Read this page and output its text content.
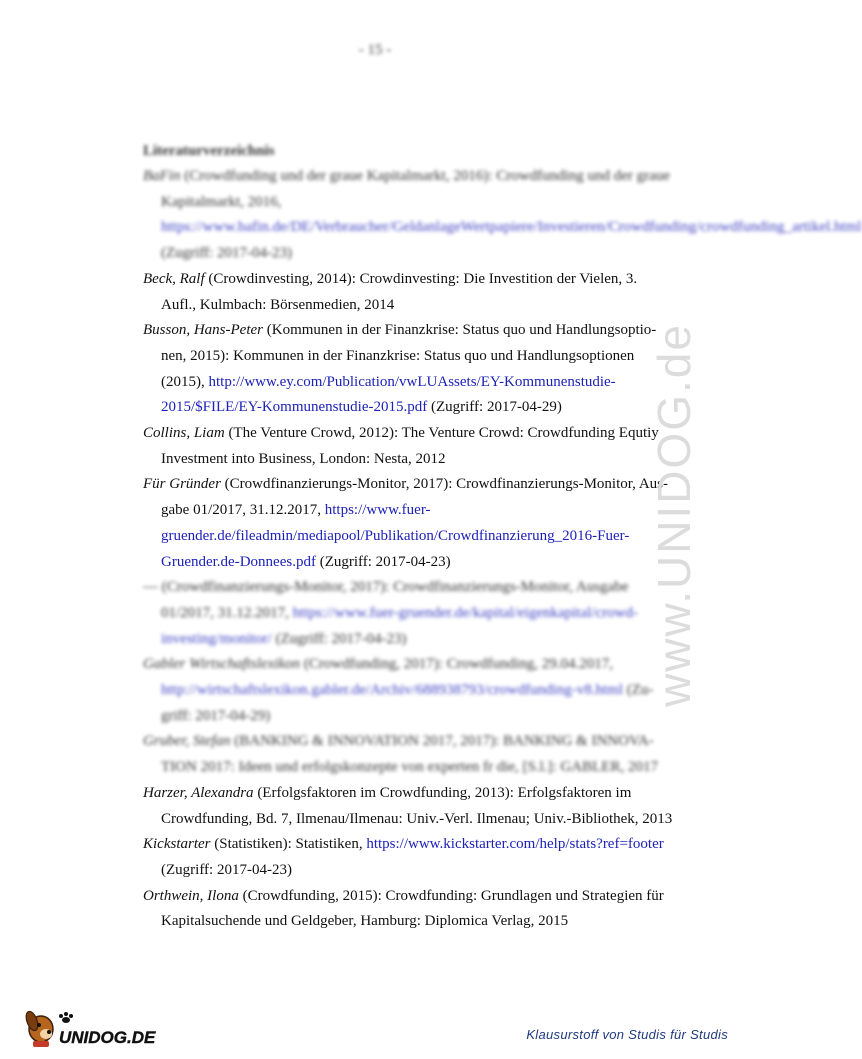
- 15 -
Literaturverzeichnis

BaFin (Crowdfunding und der graue Kapitalmarkt, 2016): Crowdfunding und der graue Kapitalmarkt, 2016, https://www.bafin.de/DE/Verbraucher/GeldanlageWertpapiere/Investieren/Crowdfunding/crowdfunding_artikel.html (Zugriff: 2017-04-23)

Beck, Ralf (Crowdinvesting, 2014): Crowdinvesting: Die Investition der Vielen, 3. Aufl., Kulmbach: Börsenmedien, 2014

Busson, Hans-Peter (Kommunen in der Finanzkrise: Status quo und Handlungsoptio-nen, 2015): Kommunen in der Finanzkrise: Status quo und Handlungsoptionen (2015), http://www.ey.com/Publication/vwLUAssets/EY-Kommunenstudie-2015/$FILE/EY-Kommunenstudie-2015.pdf (Zugriff: 2017-04-29)

Collins, Liam (The Venture Crowd, 2012): The Venture Crowd: Crowdfunding Equtiy Investment into Business, London: Nesta, 2012

Für Gründer (Crowdfinanzierungs-Monitor, 2017): Crowdfinanzierungs-Monitor, Aus-gabe 01/2017, 31.12.2017, https://www.fuer-gruender.de/fileadmin/mediapool/Publikation/Crowdfinanzierung_2016-Fuer-Gruender.de-Donnees.pdf (Zugriff: 2017-04-23)

— (Crowdfinanzierungs-Monitor, 2017): Crowdfinanzierungs-Monitor, Ausgabe 01/2017, 31.12.2017, https://www.fuer-gruender.de/kapital/eigenkapital/crowd-investing/monitor/ (Zugriff: 2017-04-23)

Gabler Wirtschaftslexikon (Crowdfunding, 2017): Crowdfunding, 29.04.2017, http://wirtschaftslexikon.gabler.de/Archiv/688938793/crowdfunding-v8.html (Zu-griff: 2017-04-29)

Gruber, Stefan (BANKING & INNOVATION 2017, 2017): BANKING & INNOVA-TION 2017: Ideen und erfolgskonzepte von experten fr die, [S.l.]: GABLER, 2017

Harzer, Alexandra (Erfolgsfaktoren im Crowdfunding, 2013): Erfolgsfaktoren im Crowdfunding, Bd. 7, Ilmenau/Ilmenau: Univ.-Verl. Ilmenau; Univ.-Bibliothek, 2013

Kickstarter (Statistiken): Statistiken, https://www.kickstarter.com/help/stats?ref=footer (Zugriff: 2017-04-23)

Orthwein, Ilona (Crowdfunding, 2015): Crowdfunding: Grundlagen und Strategien für Kapitalsuchende und Geldgeber, Hamburg: Diplomica Verlag, 2015

www.UNIDOG.de
UNIDOG.DE	Klausurstoff von Studis für Studis
